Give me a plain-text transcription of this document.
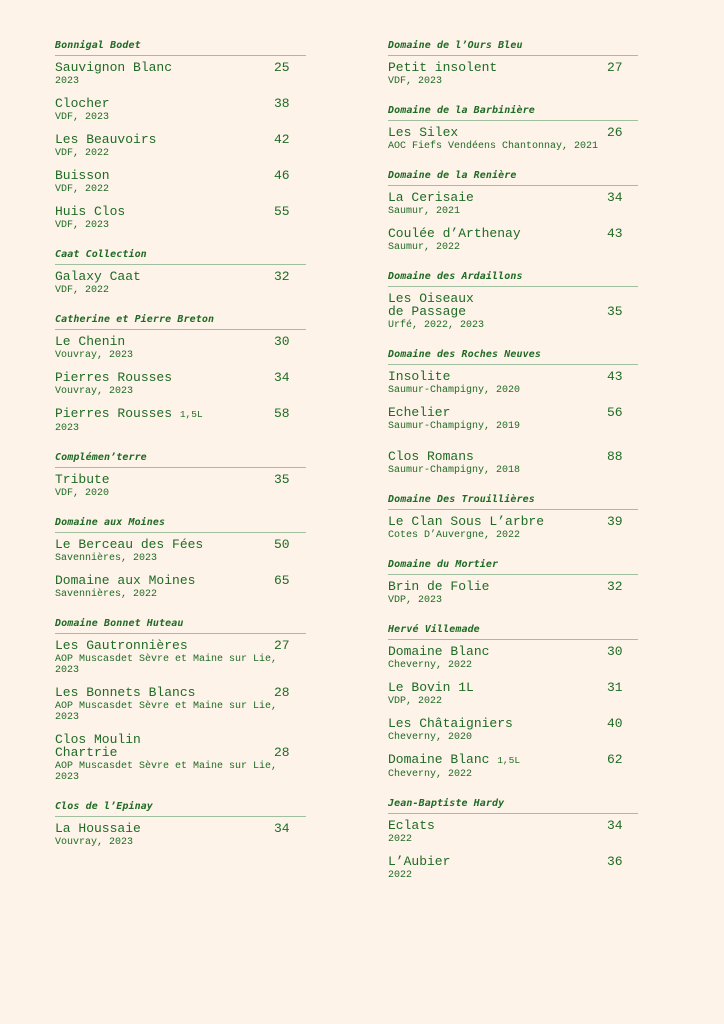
Bonnigal Bodet
Sauvignon Blanc	25
2023
Clocher	38
VDF, 2023
Les Beauvoirs	42
VDF, 2022
Buisson	46
VDF, 2022
Huis Clos	55
VDF, 2023
Caat Collection
Galaxy Caat	32
VDF, 2022
Catherine et Pierre Breton
Le Chenin	30
Vouvray, 2023
Pierres Rousses	34
Vouvray, 2023
Pierres Rousses 1,5L	58
2023
Complémen’terre
Tribute	35
VDF, 2020
Domaine aux Moines
Le Berceau des Fées	50
Savennières, 2023
Domaine aux Moines	65
Savennières, 2022
Domaine Bonnet Huteau
Les Gautronnières	27
AOP Muscasdet Sèvre et Maine sur Lie, 2023
Les Bonnets Blancs	28
AOP Muscasdet Sèvre et Maine sur Lie, 2023
Clos Moulin
Chartrie	28
AOP Muscasdet Sèvre et Maine sur Lie, 2023
Clos de l’Epinay
La Houssaie	34
Vouvray, 2023
Domaine de l’Ours Bleu
Petit insolent	27
VDF, 2023
Domaine de la Barbinière
Les Silex	26
AOC Fiefs Vendéens Chantonnay, 2021
Domaine de la Renière
La Cerisaie	34
Saumur, 2021
Coulée d’Arthenay	43
Saumur, 2022
Domaine des Ardaillons
Les Oiseaux
de Passage	35
Urfé, 2022, 2023
Domaine des Roches Neuves
Insolite	43
Saumur-Champigny, 2020
Echelier	56
Saumur-Champigny, 2019
Clos Romans	88
Saumur-Champigny, 2018
Domaine Des Trouillières
Le Clan Sous L’arbre	39
Cotes D’Auvergne, 2022
Domaine du Mortier
Brin de Folie	32
VDP, 2023
Hervé Villemade
Domaine Blanc	30
Cheverny, 2022
Le Bovin 1L	31
VDP, 2022
Les Châtaigniers	40
Cheverny, 2020
Domaine Blanc 1,5L	62
Cheverny, 2022
Jean-Baptiste Hardy
Eclats	34
2022
L’Aubier	36
2022
